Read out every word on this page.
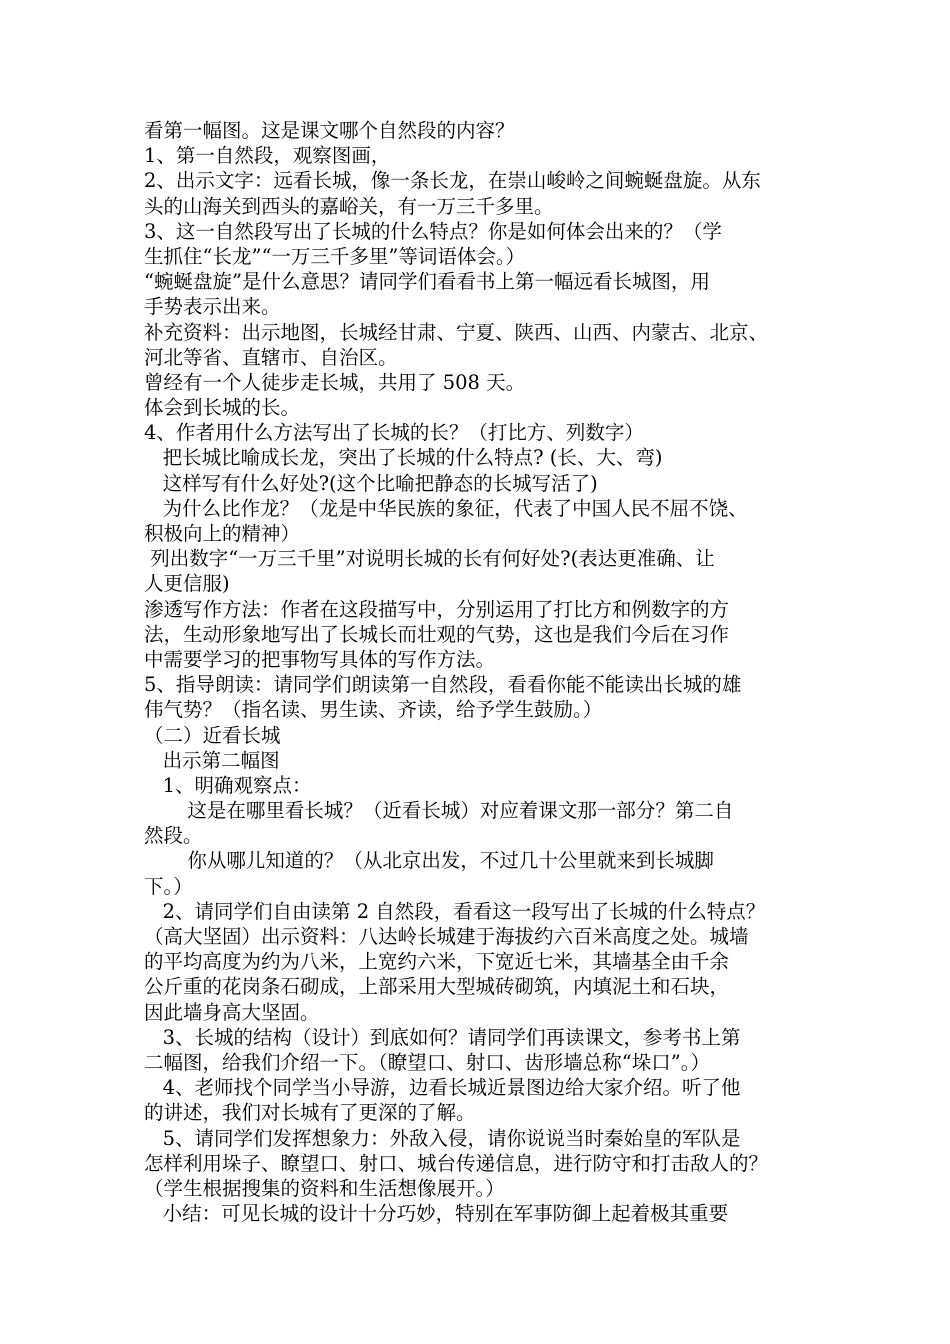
看第一幅图。这是课文哪个自然段的内容？
1、第一自然段，观察图画，
2、出示文字：远看长城，像一条长龙，在崇山峻岭之间蜿蜒盘旋。从东
头的山海关到西头的嘉峪关，有一万三千多里。
3、这一自然段写出了长城的什么特点？你是如何体会出来的？（学
生抓住“长龙”“一万三千多里”等词语体会。）
“蜿蜒盘旋”是什么意思？请同学们看看书上第一幅远看长城图，用
手势表示出来。
补充资料：出示地图，长城经甘肃、宁夏、陕西、山西、内蒙古、北京、
河北等省、直辖市、自治区。
曾经有一个人徒步走长城，共用了 508 天。
体会到长城的长。
4、作者用什么方法写出了长城的长？（打比方、列数字）
把长城比喻成长龙，突出了长城的什么特点? (长、大、弯)
这样写有什么好处?(这个比喻把静态的长城写活了)
为什么比作龙？（龙是中华民族的象征，代表了中国人民不屈不饶、
积极向上的精神）
列出数字“一万三千里”对说明长城的长有何好处?(表达更准确、让
人更信服)
渗透写作方法：作者在这段描写中，分别运用了打比方和例数字的方
法，生动形象地写出了长城长而壮观的气势，这也是我们今后在习作
中需要学习的把事物写具体的写作方法。
5、指导朗读：请同学们朗读第一自然段，看看你能不能读出长城的雄
伟气势？（指名读、男生读、齐读，给予学生鼓励。）
（二）近看长城
出示第二幅图
1、明确观察点：
这是在哪里看长城？（近看长城）对应着课文那一部分？第二自
然段。
你从哪儿知道的？（从北京出发，不过几十公里就来到长城脚
下。）
2、请同学们自由读第 2 自然段，看看这一段写出了长城的什么特点？
（高大坚固）出示资料：八达岭长城建于海拔约六百米高度之处。城墙
的平均高度为约为八米，上宽约六米，下宽近七米，其墙基全由千余
公斤重的花岗条石砌成，上部采用大型城砖砌筑，内填泥土和石块，
因此墙身高大坚固。
3、长城的结构（设计）到底如何？请同学们再读课文，参考书上第
二幅图，给我们介绍一下。（瞭望口、射口、齿形墙总称“垛口”。）
4、老师找个同学当小导游，边看长城近景图边给大家介绍。听了他
的讲述，我们对长城有了更深的了解。
5、请同学们发挥想象力：外敌入侵，请你说说当时秦始皇的军队是
怎样利用垛子、瞭望口、射口、城台传递信息，进行防守和打击敌人的？
（学生根据搜集的资料和生活想像展开。）
小结：可见长城的设计十分巧妙，特别在军事防御上起着极其重要
